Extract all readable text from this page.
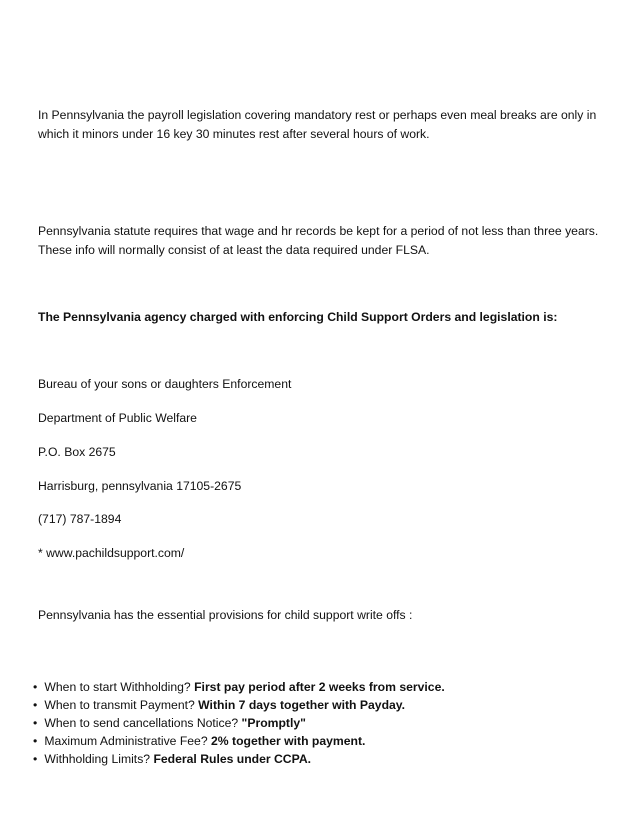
In Pennsylvania the payroll legislation covering mandatory rest or perhaps even meal breaks are only in which it minors under 16 key 30 minutes rest after several hours of work.

Pennsylvania statute requires that wage and hr records be kept for a period of not less than three years. These info will normally consist of at least the data required under FLSA.

The Pennsylvania agency charged with enforcing Child Support Orders and legislation is:

Bureau of your sons or daughters Enforcement

Department of Public Welfare

P.O. Box 2675

Harrisburg, pennsylvania 17105-2675

(717) 787-1894

* www.pachildsupport.com/

Pennsylvania has the essential provisions for child support write offs :

• When to start Withholding? First pay period after 2 weeks from service.
• When to transmit Payment? Within 7 days together with Payday.
• When to send cancellations Notice? "Promptly"
• Maximum Administrative Fee? 2% together with payment.
• Withholding Limits? Federal Rules under CCPA.
